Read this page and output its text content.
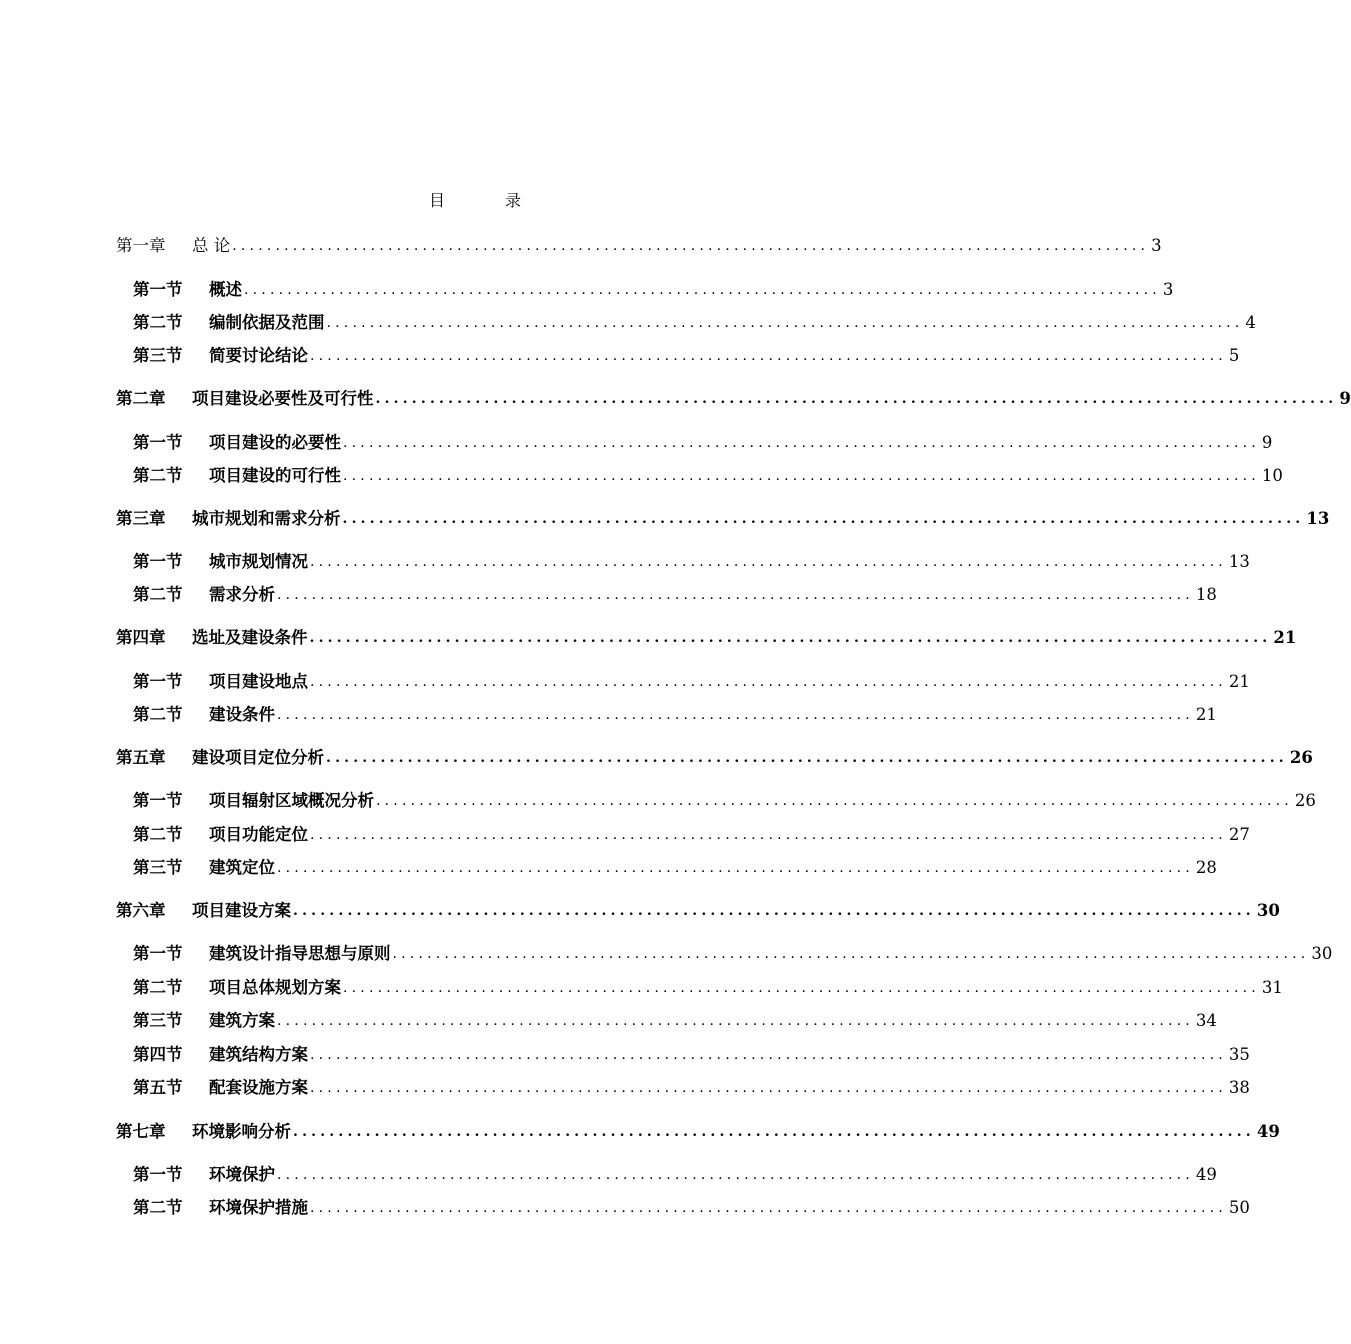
目　录
第一章	总 论 .......................................................................................................... 3
第一节	概述 .......................................................................................................... 3
第二节	编制依据及范围 .......................................................................................................... 4
第三节	简要讨论结论 .......................................................................................................... 5
第二章	项目建设必要性及可行性 .......................................................................................................... 9
第一节	项目建设的必要性 .......................................................................................................... 9
第二节	项目建设的可行性 .......................................................................................................... 10
第三章	城市规划和需求分析 .......................................................................................................... 13
第一节	城市规划情况 .......................................................................................................... 13
第二节	需求分析 .......................................................................................................... 18
第四章	选址及建设条件 .......................................................................................................... 21
第一节	项目建设地点 .......................................................................................................... 21
第二节	建设条件 .......................................................................................................... 21
第五章	建设项目定位分析 .......................................................................................................... 26
第一节	项目辐射区域概况分析 .......................................................................................................... 26
第二节	项目功能定位 .......................................................................................................... 27
第三节	建筑定位 .......................................................................................................... 28
第六章	项目建设方案 .......................................................................................................... 30
第一节	建筑设计指导思想与原则 .......................................................................................................... 30
第二节	项目总体规划方案 .......................................................................................................... 31
第三节	建筑方案 .......................................................................................................... 34
第四节	建筑结构方案 .......................................................................................................... 35
第五节	配套设施方案 .......................................................................................................... 38
第七章	环境影响分析 .......................................................................................................... 49
第一节	环境保护 .......................................................................................................... 49
第二节	环境保护措施 .......................................................................................................... 50
